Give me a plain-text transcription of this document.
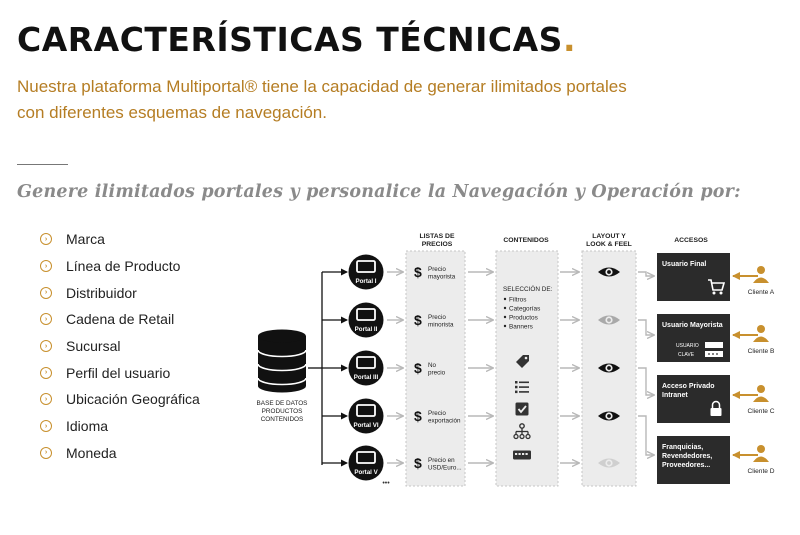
CARACTERÍSTICAS TÉCNICAS.

Nuestra plataforma Multiportal® tiene la capacidad de generar ilimitados portales
con diferentes esquemas de navegación.

Genere ilimitados portales y personalice la Navegación y Operación por:

›	Marca
›	Línea de Producto
›	Distribuidor
›	Cadena de Retail
›	Sucursal
›	Perfil del usuario
›	Ubicación Geográfica
›	Idioma
›	Moneda
LISTAS DE
PRECIOS
CONTENIDOS
LAYOUT Y
LOOK & FEEL
ACCESOS
BASE DE DATOS
PRODUCTOS
CONTENIDOS
Portal I
Portal II
Portal III
Portal VI
Portal V
•••
$ Precio
mayorista
$ Precio
minorista
$ No
precio
$ Precio
exportación
$ Precio en
USD/Euro...
SELECCIÓN DE:
Filtros
Categorías
Productos
Banners
Usuario Final
Usuario Mayorista
USUARIO
CLAVE
Acceso Privado
Intranet
Franquicias,
Revendedores,
Proveedores...
Cliente A
Cliente B
Cliente C
Cliente D
